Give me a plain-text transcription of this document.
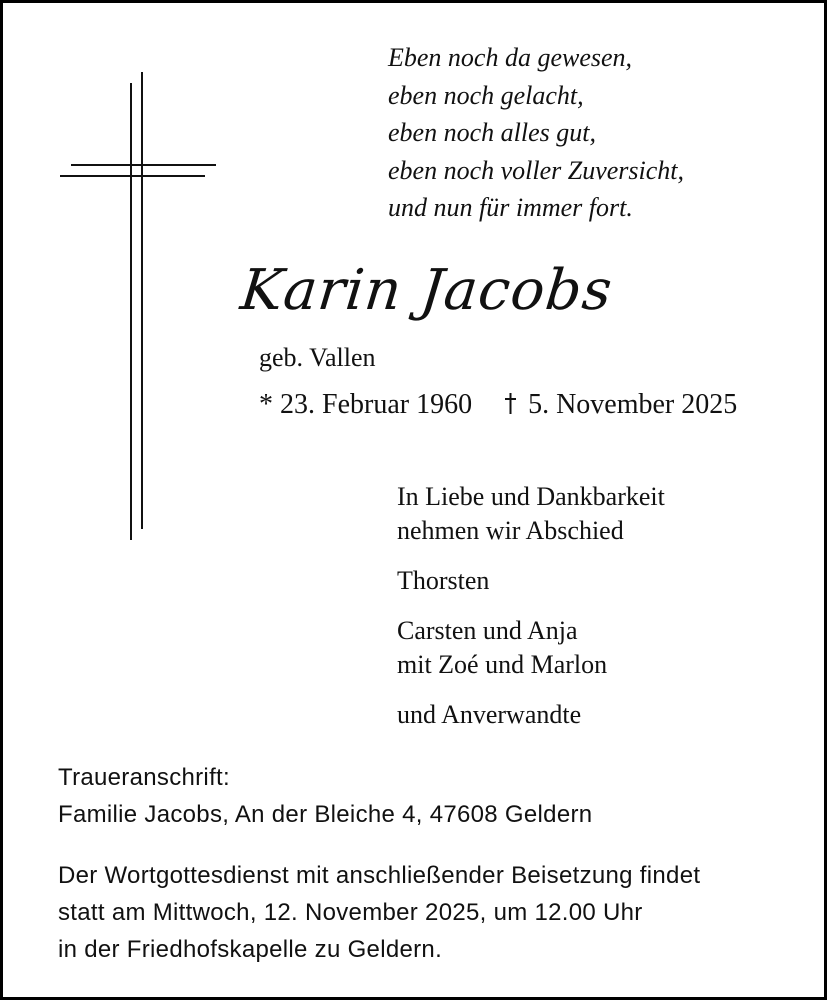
Eben noch da gewesen,
eben noch gelacht,
eben noch alles gut,
eben noch voller Zuversicht,
und nun für immer fort.
Karin Jacobs
geb. Vallen
* 23. Februar 1960 5. November 2025

In Liebe und Dankbarkeit

nehmen wir Abschied

Thorsten

Carsten und Anja

mit Zoé und Marlon

und Anverwandte

Traueranschrift:
Familie Jacobs, An der Bleiche 4, 47608 Geldern
Der Wortgottesdienst mit anschließender Beisetzung findet
statt am Mittwoch, 12. November 2025, um 12.00 Uhr
in der Friedhofskapelle zu Geldern.
